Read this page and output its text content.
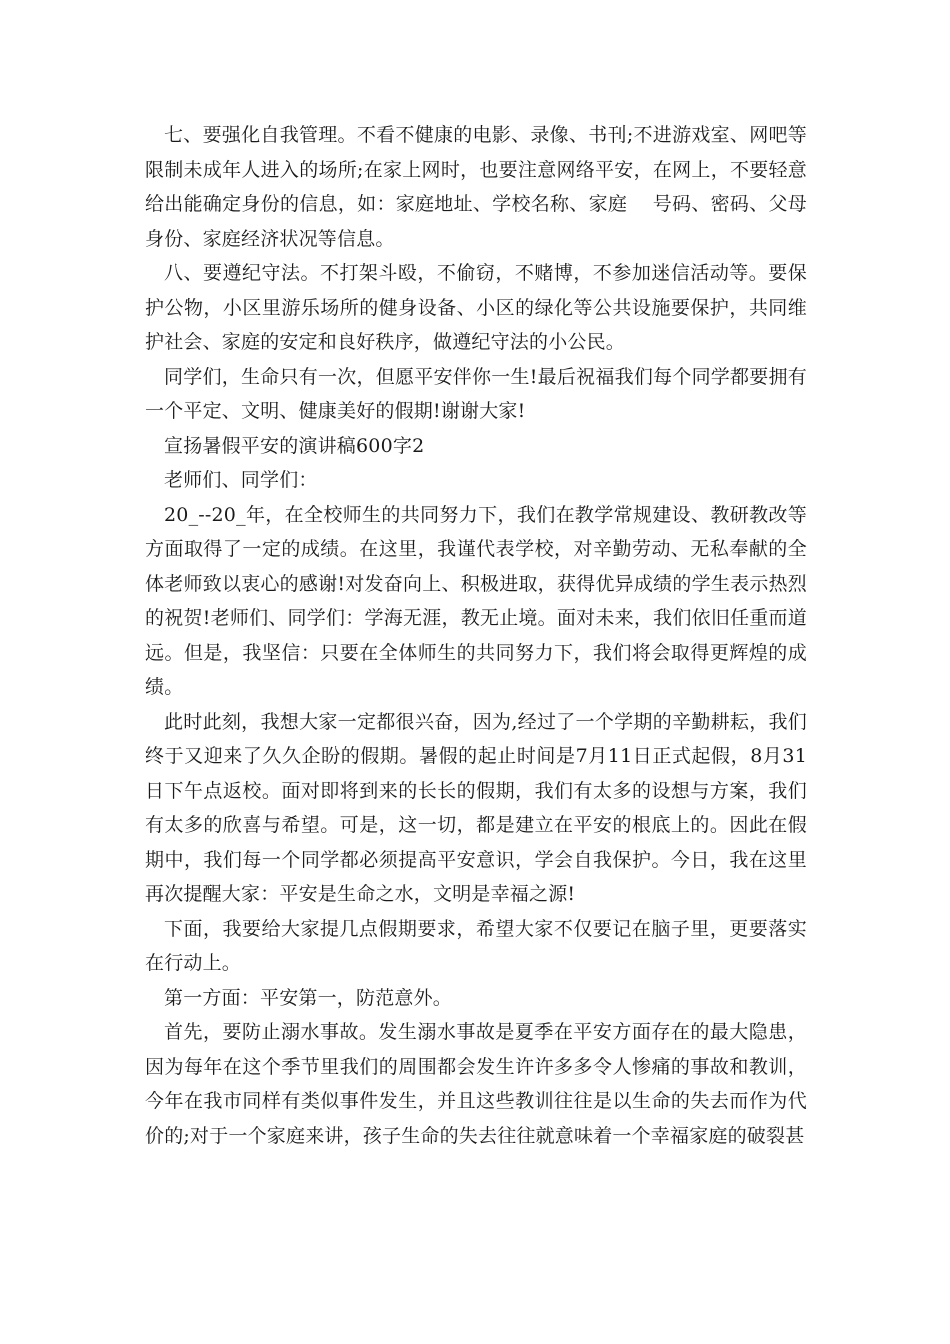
七、要强化自我管理。不看不健康的电影、录像、书刊;不进游戏室、网吧等限制未成年人进入的场所;在家上网时，也要注意网络平安，在网上，不要轻意给出能确定身份的信息，如：家庭地址、学校名称、家庭　 号码、密码、父母身份、家庭经济状况等信息。

八、要遵纪守法。不打架斗殴，不偷窃，不赌博，不参加迷信活动等。要保护公物，小区里游乐场所的健身设备、小区的绿化等公共设施要保护，共同维护社会、家庭的安定和良好秩序，做遵纪守法的小公民。

同学们，生命只有一次，但愿平安伴你一生!最后祝福我们每个同学都要拥有一个平定、文明、健康美好的假期!谢谢大家!

宣扬暑假平安的演讲稿600字2

老师们、同学们：

20_--20_年，在全校师生的共同努力下，我们在教学常规建设、教研教改等方面取得了一定的成绩。在这里，我谨代表学校，对辛勤劳动、无私奉献的全体老师致以衷心的感谢!对发奋向上、积极进取，获得优异成绩的学生表示热烈的祝贺!老师们、同学们：学海无涯，教无止境。面对未来，我们依旧任重而道远。但是，我坚信：只要在全体师生的共同努力下，我们将会取得更辉煌的成绩。

此时此刻，我想大家一定都很兴奋，因为,经过了一个学期的辛勤耕耘，我们终于又迎来了久久企盼的假期。暑假的起止时间是7月11日正式起假，8月31日下午点返校。面对即将到来的长长的假期，我们有太多的设想与方案，我们有太多的欣喜与希望。可是，这一切，都是建立在平安的根底上的。因此在假期中，我们每一个同学都必须提高平安意识，学会自我保护。今日，我在这里再次提醒大家：平安是生命之水，文明是幸福之源!

下面，我要给大家提几点假期要求，希望大家不仅要记在脑子里，更要落实在行动上。

第一方面：平安第一，防范意外。

首先，要防止溺水事故。发生溺水事故是夏季在平安方面存在的最大隐患，因为每年在这个季节里我们的周围都会发生许许多多令人惨痛的事故和教训，今年在我市同样有类似事件发生，并且这些教训往往是以生命的失去而作为代价的;对于一个家庭来讲，孩子生命的失去往往就意味着一个幸福家庭的破裂甚
